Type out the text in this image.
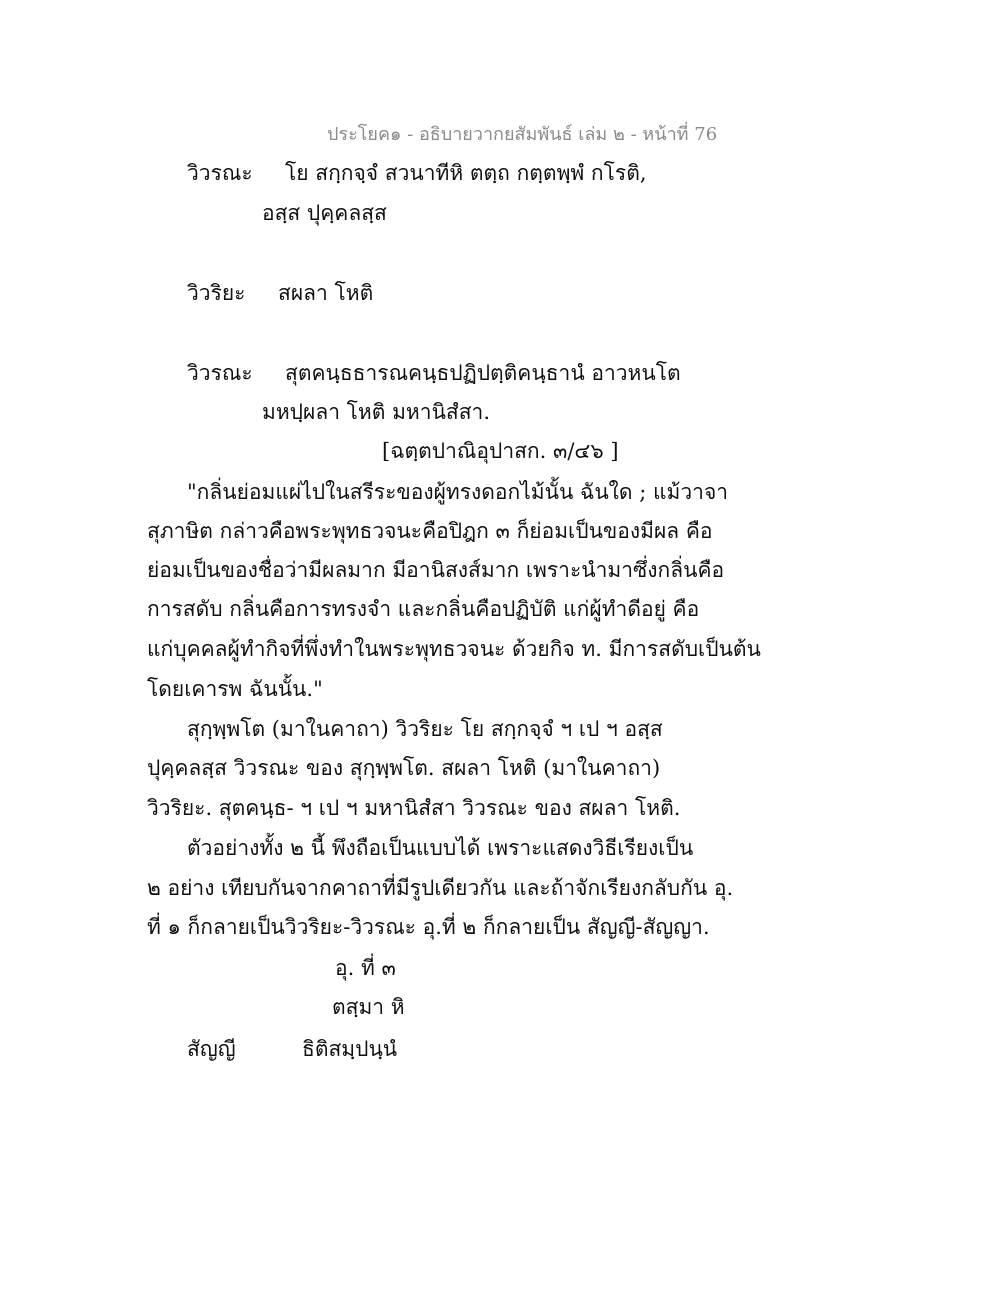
ประโยค๑ - อธิบายวากยสัมพันธ์ เล่ม ๒ - หน้าที่ 76
วิวรณะ โย สกฺกจฺจํ สวนาทีหิ ตตฺถ กตฺตพฺพํ กโรติ,
อสฺส ปุคฺคลสฺส
วิวริยะ สผลา โหติ
วิวรณะ สุตคนฺธธารณคนฺธปฏิปตฺติคนฺธานํ อาวหนโต
มหปฺผลา โหติ มหานิสํสา.
[ฉตฺตปาณิอุปาสก. ๓/๔๖ ]
"กลิ่นย่อมแผ่ไปในสรีระของผู้ทรงดอกไม้นั้น ฉันใด ; แม้วาจา
สุภาษิต กล่าวคือพระพุทธวจนะคือปิฎก ๓ ก็ย่อมเป็นของมีผล คือ
ย่อมเป็นของชื่อว่ามีผลมาก มีอานิสงส์มาก เพราะนำมาซึ่งกลิ่นคือ
การสดับ กลิ่นคือการทรงจำ และกลิ่นคือปฏิบัติ แก่ผู้ทำดีอยู่ คือ
แก่บุคคลผู้ทำกิจที่พึ่งทำในพระพุทธวจนะ ด้วยกิจ ท. มีการสดับเป็นต้น
โดยเคารพ ฉันนั้น."
สุกฺพฺพโต (มาในคาถา) วิวริยะ โย สกฺกจฺจํ ฯ เป ฯ อสฺส
ปุคฺคลสฺส วิวรณะ ของ สุกฺพฺพโต. สผลา โหติ (มาในคาถา)
วิวริยะ. สุตคนฺธ- ฯ เป ฯ มหานิสํสา วิวรณะ ของ สผลา โหติ.
ตัวอย่างทั้ง ๒ นี้ พึงถือเป็นแบบได้ เพราะแสดงวิธีเรียงเป็น
๒ อย่าง เทียบกันจากคาถาที่มีรูปเดียวกัน และถ้าจักเรียงกลับกัน อุ.
ที่ ๑ ก็กลายเป็นวิวริยะ-วิวรณะ อุ.ที่ ๒ ก็กลายเป็น สัญญี-สัญญา.
อุ. ที่ ๓
ตสฺมา หิ
สัญญี	ธิติสมฺปนฺนํ
